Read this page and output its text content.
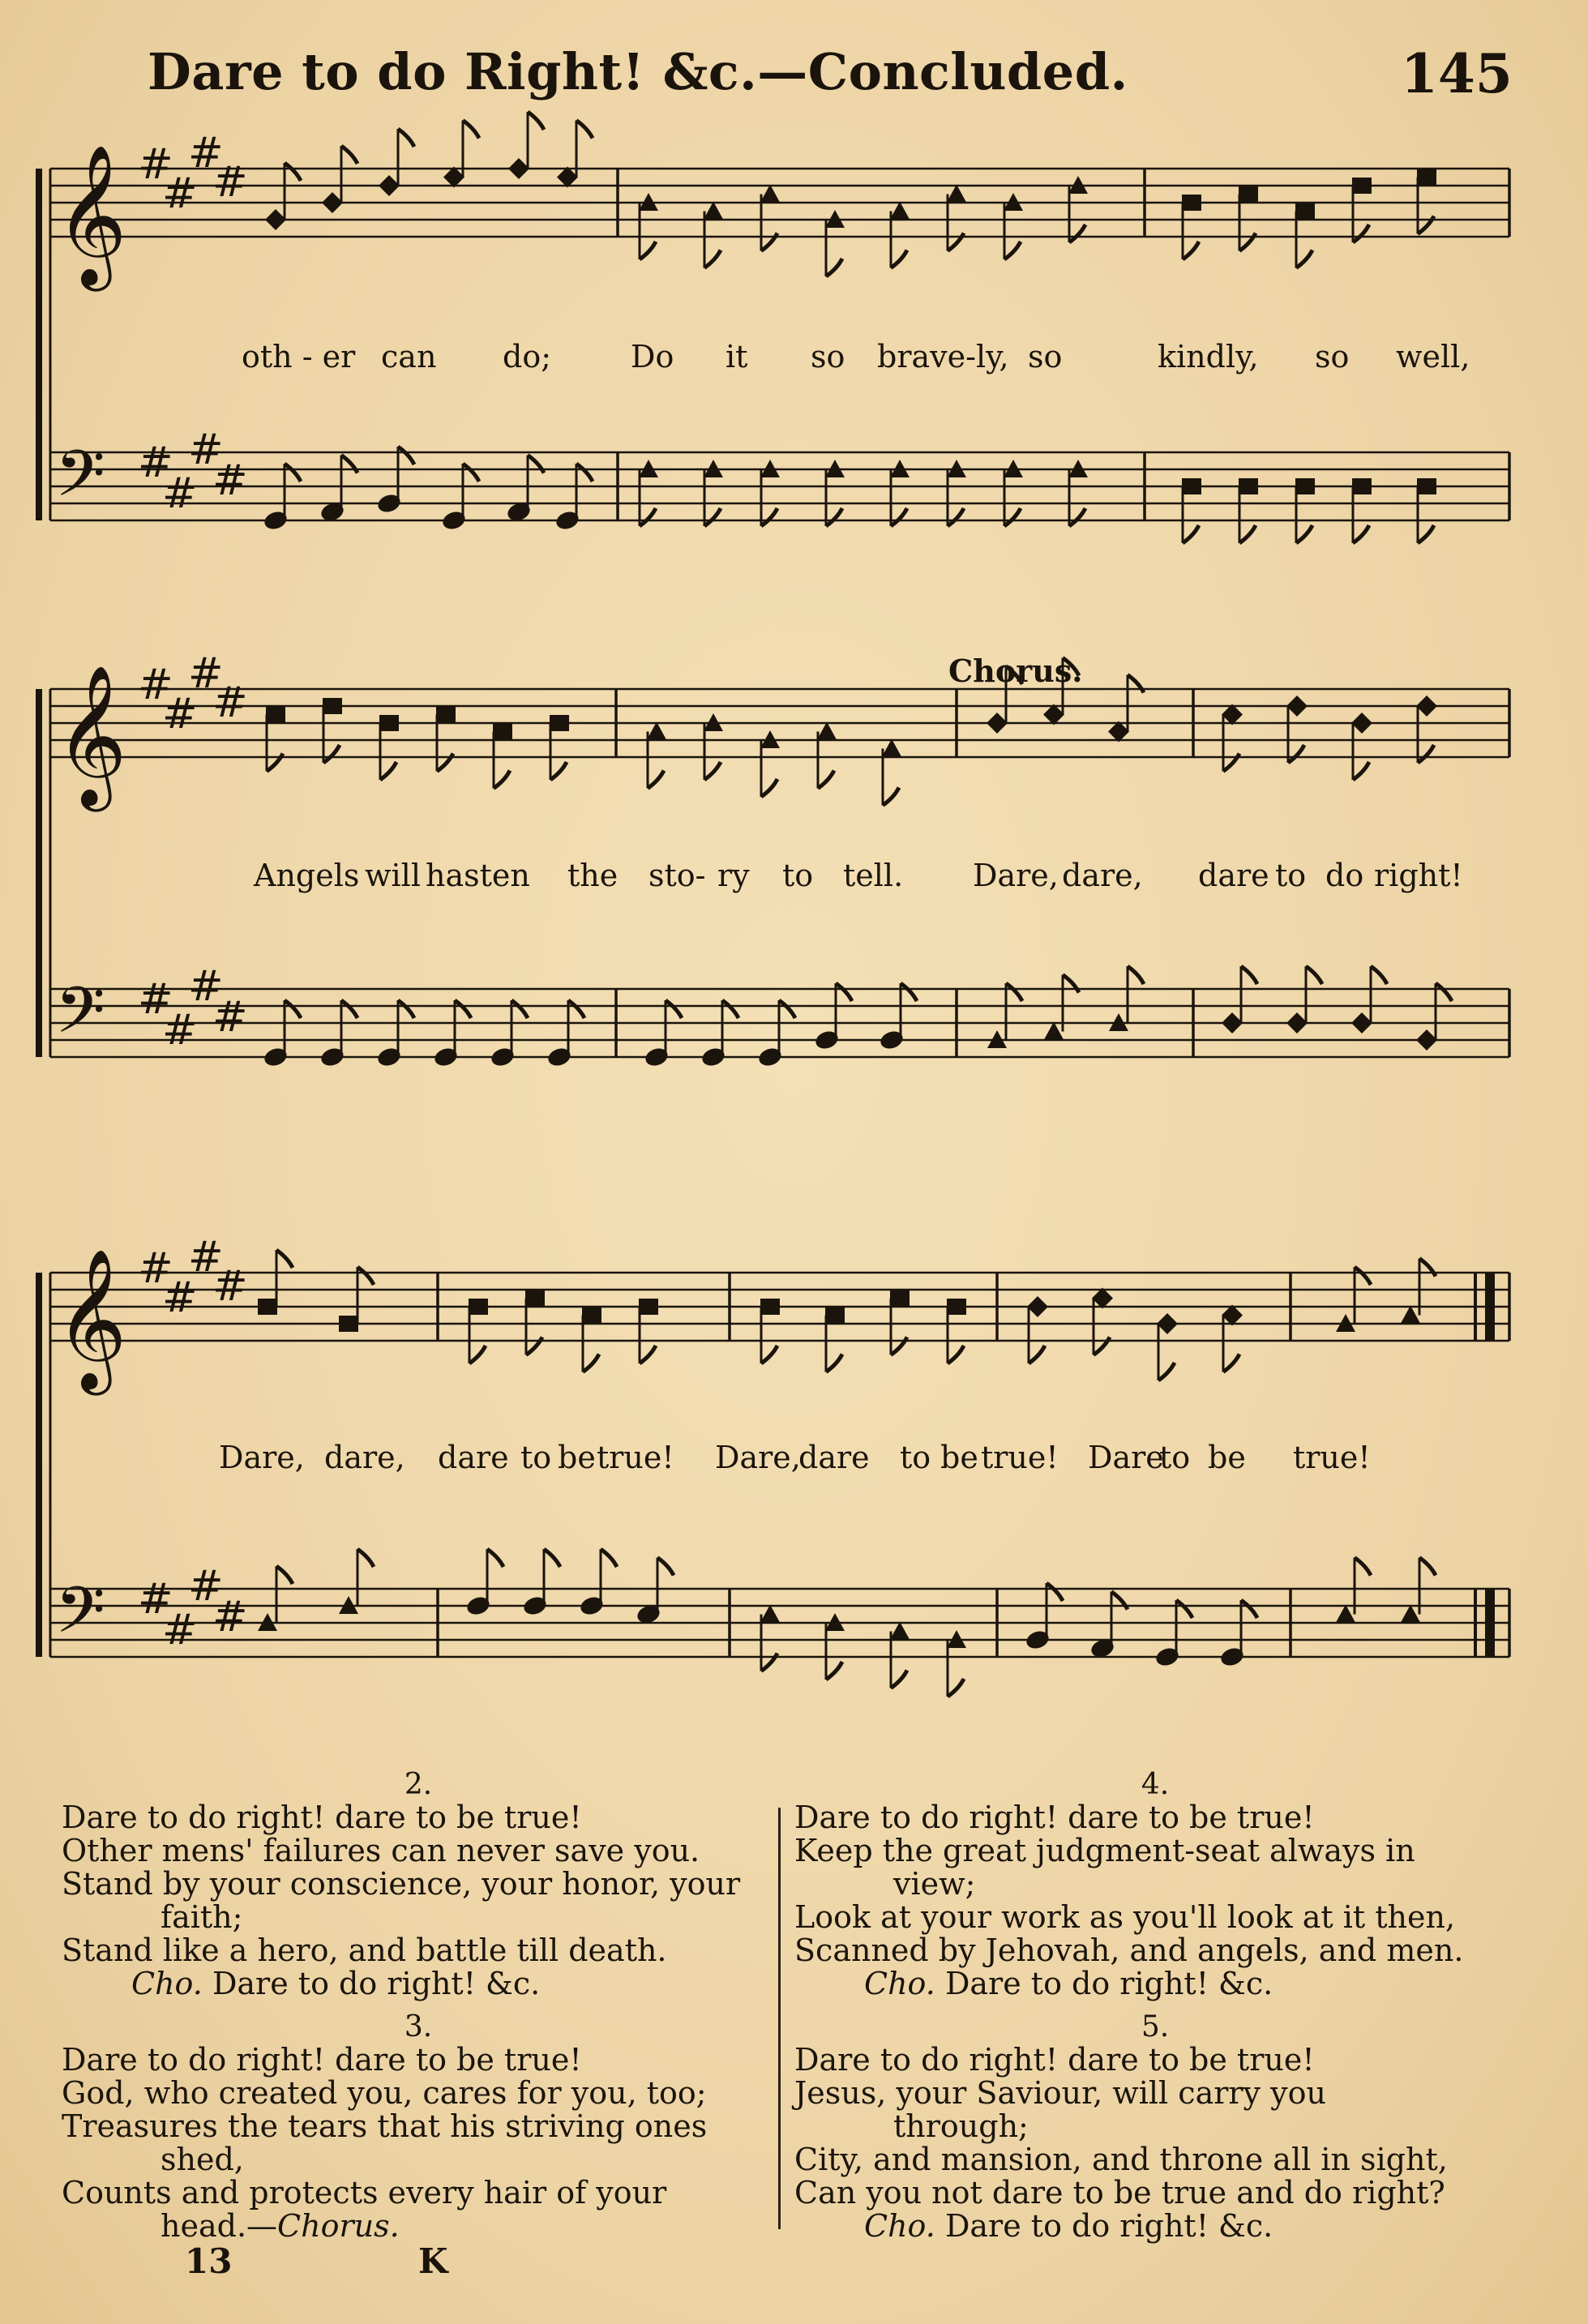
Dare to do Right! &c.—Concluded.	145
𝄞 # #
# #
𝄢 # #
# #
𝄞 # #
# #
𝄢 # #
# #
𝄞 # #
# #
𝄢 # #
# #
oth - er can do;	Do it so brave-ly, so	kindly, so well,
Chorus.
Angels will hasten the sto- ry to tell. Dare, dare, dare to do right!
Dare, dare, dare to be true! Dare,
dare to be true! Dare
to be true!
2.
Dare to do right! dare to be true!
Other mens' failures can never save you.
Stand by your conscience, your honor, your
faith;
Stand like a hero, and battle till death.
Cho. Dare to do right! &c.
3.
Dare to do right! dare to be true!
God, who created you, cares for you, too;
Treasures the tears that his striving ones
shed,
Counts and protects every hair of your
head.—Chorus.
4.
Dare to do right! dare to be true!
Keep the great judgment-seat always in
view;
Look at your work as you'll look at it then,
Scanned by Jehovah, and angels, and men.
Cho. Dare to do right! &c.
5.
Dare to do right! dare to be true!
Jesus, your Saviour, will carry you
through;
City, and mansion, and throne all in sight,
Can you not dare to be true and do right?
Cho. Dare to do right! &c.
13	K
